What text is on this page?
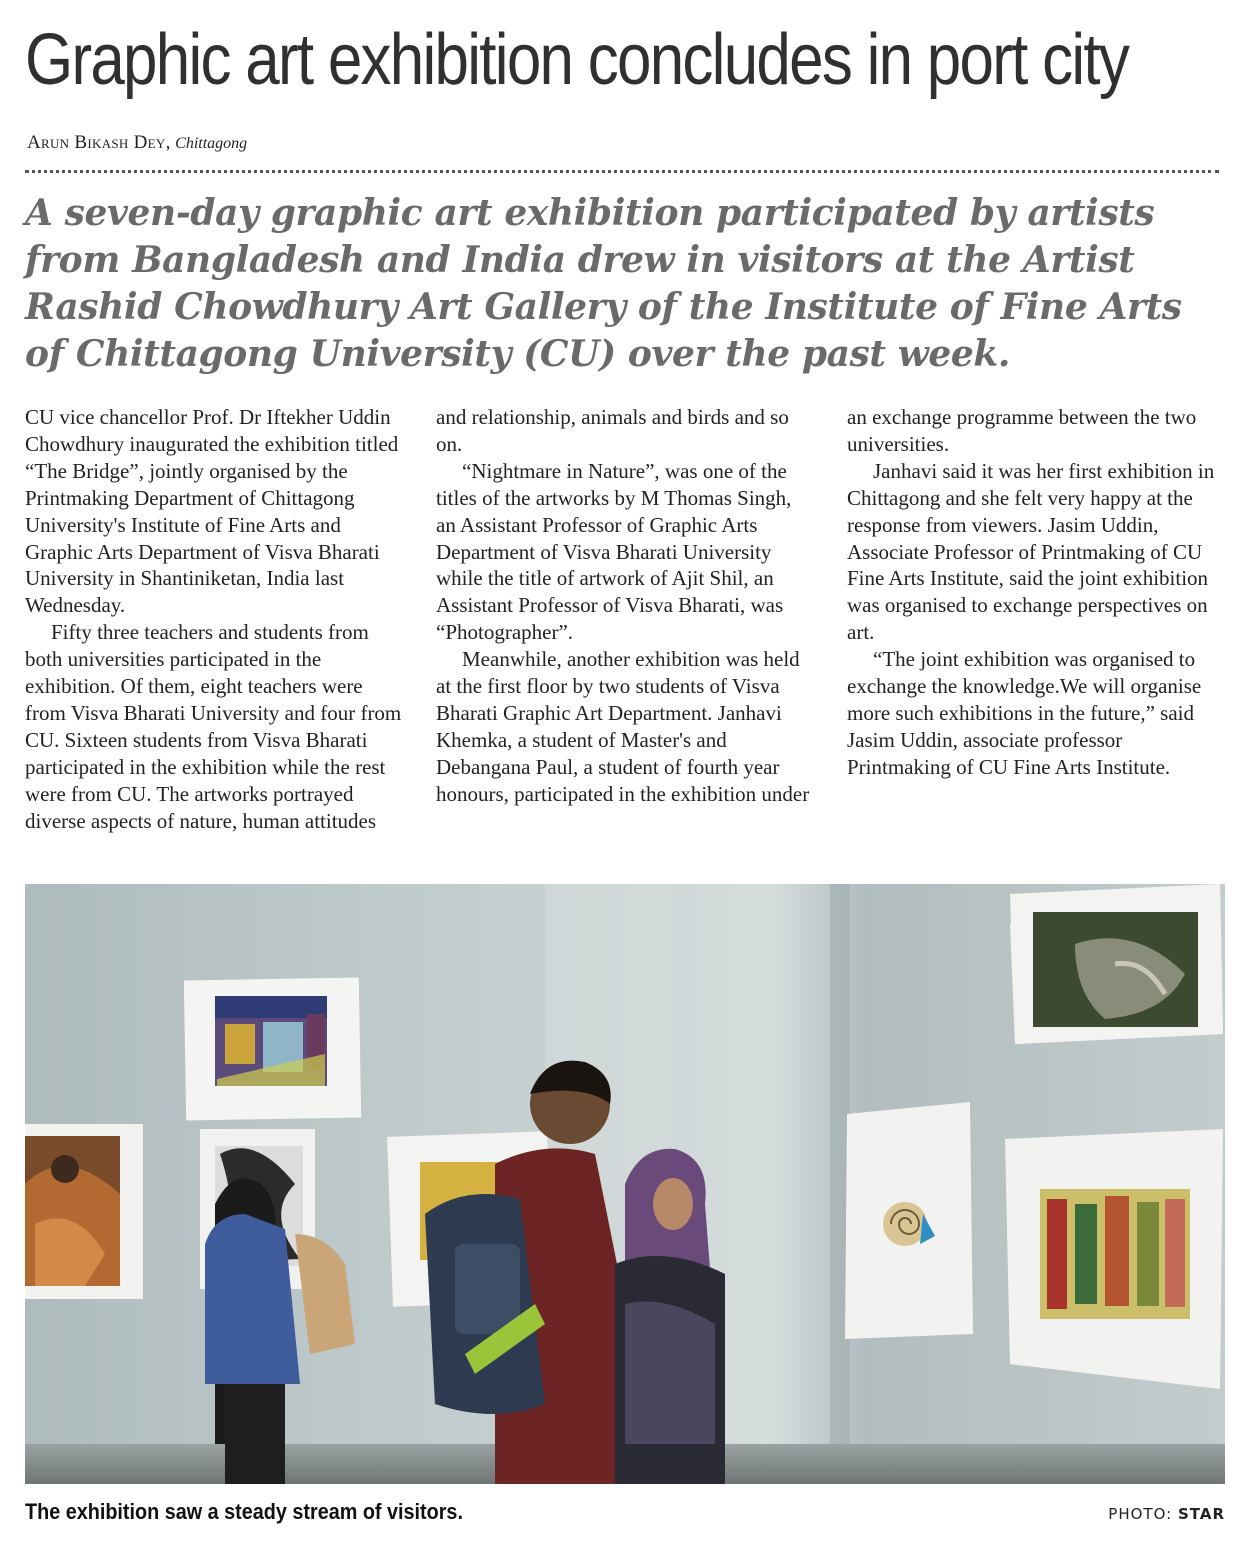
Graphic art exhibition concludes in port city
Arun Bikash Dey, Chittagong

A seven-day graphic art exhibition participated by artists from Bangladesh and India drew in visitors at the Artist Rashid Chowdhury Art Gallery of the Institute of Fine Arts of Chittagong University (CU) over the past week.

CU vice chancellor Prof. Dr Iftekher Uddin Chowdhury inaugurated the exhibition titled “The Bridge”, jointly organised by the Printmaking Department of Chittagong University's Institute of Fine Arts and Graphic Arts Department of Visva Bharati University in Shantiniketan, India last Wednesday.

Fifty three teachers and students from both universities participated in the exhibition. Of them, eight teachers were from Visva Bharati University and four from CU. Sixteen students from Visva Bharati participated in the exhibition while the rest were from CU. The artworks portrayed diverse aspects of nature, human attitudes and relationship, animals and birds and so on.

“Nightmare in Nature”, was one of the titles of the artworks by M Thomas Singh, an Assistant Professor of Graphic Arts Department of Visva Bharati University while the title of artwork of Ajit Shil, an Assistant Professor of Visva Bharati, was “Photographer”.

Meanwhile, another exhibition was held at the first floor by two students of Visva Bharati Graphic Art Department. Janhavi Khemka, a student of Master's and Debangana Paul, a student of fourth year honours, participated in the exhibition under an exchange programme between the two universities.

Janhavi said it was her first exhibition in Chittagong and she felt very happy at the response from viewers. Jasim Uddin, Associate Professor of Printmaking of CU Fine Arts Institute, said the joint exhibition was organised to exchange perspectives on art.

“The joint exhibition was organised to exchange the knowledge.We will organise more such exhibitions in the future,” said Jasim Uddin, associate professor Printmaking of CU Fine Arts Institute.

The exhibition saw a steady stream of visitors.	PHOTO: STAR
